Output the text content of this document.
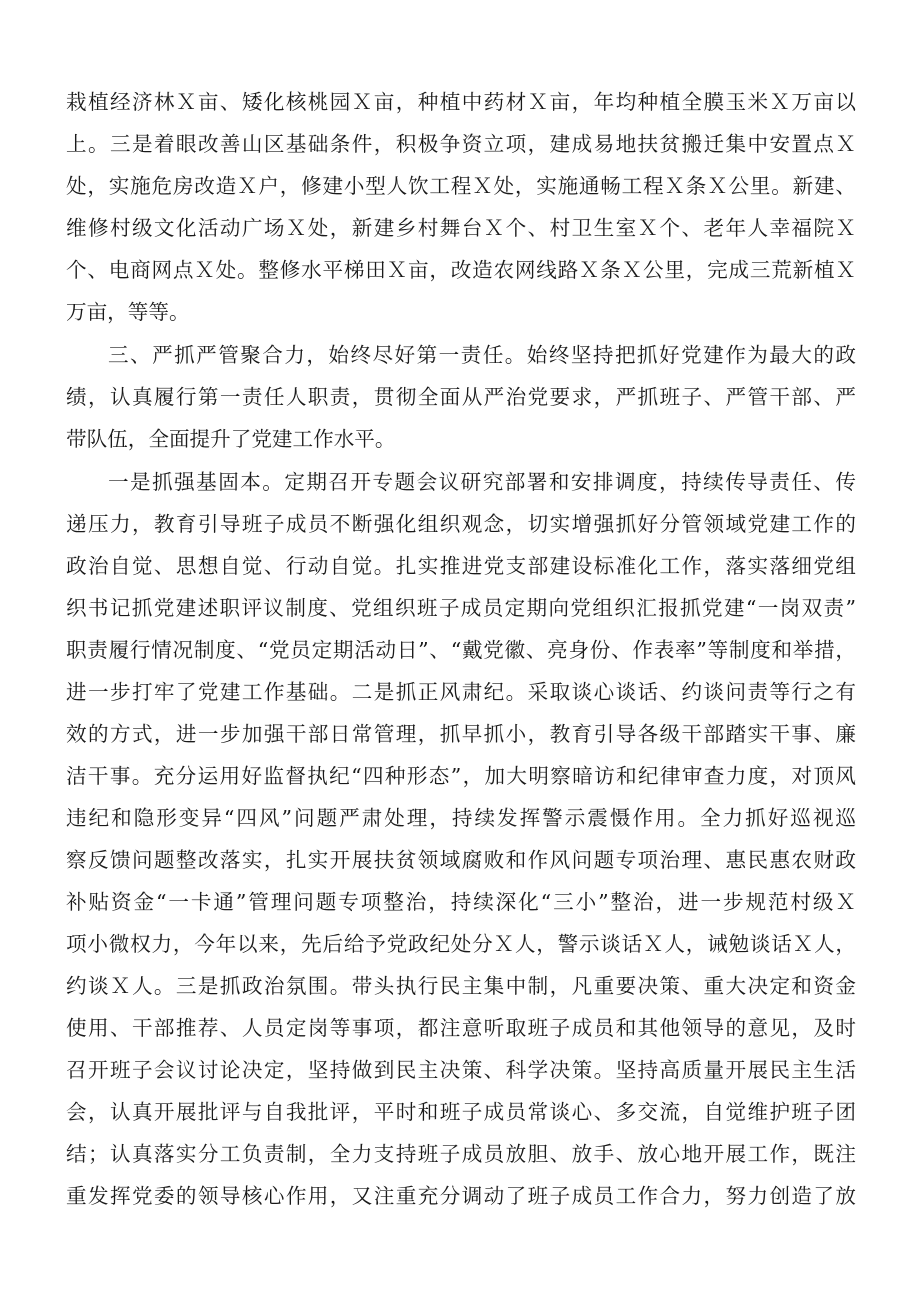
栽植经济林Ｘ亩、矮化核桃园Ｘ亩，种植中药材Ｘ亩，年均种植全膜玉米Ｘ万亩以
上。三是着眼改善山区基础条件，积极争资立项，建成易地扶贫搬迁集中安置点Ｘ
处，实施危房改造Ｘ户，修建小型人饮工程Ｘ处，实施通畅工程Ｘ条Ｘ公里。新建、
维修村级文化活动广场Ｘ处，新建乡村舞台Ｘ个、村卫生室Ｘ个、老年人幸福院Ｘ
个、电商网点Ｘ处。整修水平梯田Ｘ亩，改造农网线路Ｘ条Ｘ公里，完成三荒新植Ｘ
万亩，等等。
三、严抓严管聚合力，始终尽好第一责任。始终坚持把抓好党建作为最大的政
绩，认真履行第一责任人职责，贯彻全面从严治党要求，严抓班子、严管干部、严
带队伍，全面提升了党建工作水平。
一是抓强基固本。定期召开专题会议研究部署和安排调度，持续传导责任、传
递压力，教育引导班子成员不断强化组织观念，切实增强抓好分管领域党建工作的
政治自觉、思想自觉、行动自觉。扎实推进党支部建设标准化工作，落实落细党组
织书记抓党建述职评议制度、党组织班子成员定期向党组织汇报抓党建“一岗双责”
职责履行情况制度、“党员定期活动日”、“戴党徽、亮身份、作表率”等制度和举措，
进一步打牢了党建工作基础。二是抓正风肃纪。采取谈心谈话、约谈问责等行之有
效的方式，进一步加强干部日常管理，抓早抓小，教育引导各级干部踏实干事、廉
洁干事。充分运用好监督执纪“四种形态”，加大明察暗访和纪律审查力度，对顶风
违纪和隐形变异“四风”问题严肃处理，持续发挥警示震慑作用。全力抓好巡视巡
察反馈问题整改落实，扎实开展扶贫领域腐败和作风问题专项治理、惠民惠农财政
补贴资金“一卡通”管理问题专项整治，持续深化“三小”整治，进一步规范村级Ｘ
项小微权力，今年以来，先后给予党政纪处分Ｘ人，警示谈话Ｘ人，诫勉谈话Ｘ人，
约谈Ｘ人。三是抓政治氛围。带头执行民主集中制，凡重要决策、重大决定和资金
使用、干部推荐、人员定岗等事项，都注意听取班子成员和其他领导的意见，及时
召开班子会议讨论决定，坚持做到民主决策、科学决策。坚持高质量开展民主生活
会，认真开展批评与自我批评，平时和班子成员常谈心、多交流，自觉维护班子团
结；认真落实分工负责制，全力支持班子成员放胆、放手、放心地开展工作，既注
重发挥党委的领导核心作用，又注重充分调动了班子成员工作合力，努力创造了放
